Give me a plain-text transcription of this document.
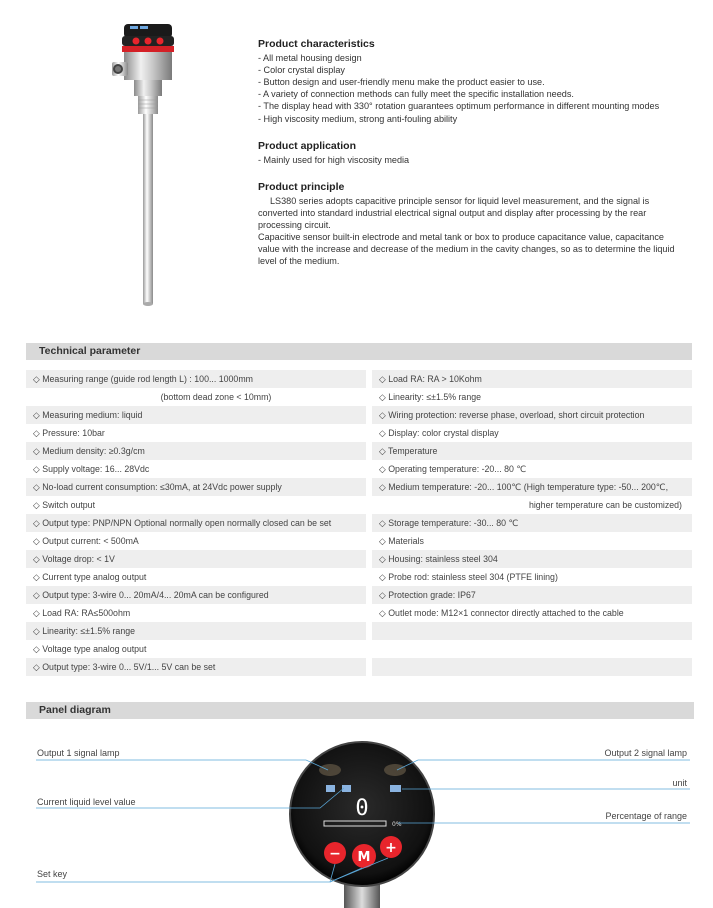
Product characteristics

- All metal housing design

- Color crystal display

- Button design and user-friendly menu make the product easier to use.

- A variety of connection methods can fully meet the specific installation needs.

- The display head with 330° rotation guarantees optimum performance in different mounting modes

- High viscosity medium, strong anti-fouling ability

Product application

- Mainly used for high viscosity media

Product principle

LS380 series adopts capacitive principle sensor for liquid level measurement, and the signal is converted into standard industrial electrical signal output and display after processing by the rear processing circuit.

Capacitive sensor built-in electrode and metal tank or box to produce capacitance value, capacitance value with the increase and decrease of the medium in the cavity changes, so as to determine the liquid level of the medium.

Technical parameter
◇ Measuring range (guide rod length L) : 100... 1000mm
(bottom dead zone < 10mm)
◇ Measuring medium: liquid
◇ Pressure: 10bar
◇ Medium density: ≥0.3g/cm
◇ Supply voltage: 16... 28Vdc
◇ No-load current consumption: ≤30mA, at 24Vdc power supply
◇ Switch output
◇ Output type: PNP/NPN Optional normally open normally closed can be set
◇ Output current: < 500mA
◇ Voltage drop: < 1V
◇ Current type analog output
◇ Output type: 3-wire 0... 20mA/4... 20mA can be configured
◇ Load RA: RA≤500ohm
◇ Linearity: ≤±1.5% range
◇ Voltage type analog output
◇ Output type: 3-wire 0... 5V/1... 5V can be set
◇ Load RA: RA > 10Kohm
◇ Linearity: ≤±1.5% range
◇ Wiring protection: reverse phase, overload, short circuit protection
◇ Display: color crystal display
◇ Temperature
◇ Operating temperature: -20... 80 ℃
◇ Medium temperature: -20... 100℃ (High temperature type: -50... 200℃,
higher temperature can be customized)
◇ Storage temperature: -30... 80 ℃
◇ Materials
◇ Housing: stainless steel 304
◇ Probe rod: stainless steel 304 (PTFE lining)
◇ Protection grade: IP67
◇ Outlet mode: M12×1 connector directly attached to the cable
Panel diagram
0
0%
− M
+
Output 1 signal lamp	Output 2 signal lamp
unit
Current liquid level value
Percentage of range
Set key
